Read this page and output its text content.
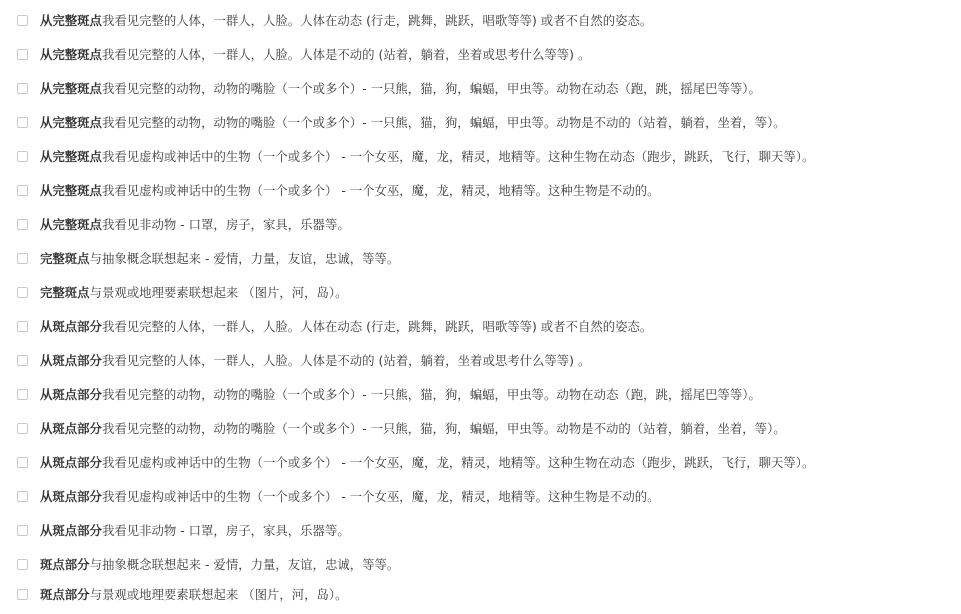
从完整斑点我看见完整的人体，一群人，人脸。人体在动态 (行走，跳舞，跳跃，唱歌等等) 或者不自然的姿态。
从完整斑点我看见完整的人体，一群人，人脸。人体是不动的 (站着，躺着，坐着或思考什么等等) 。
从完整斑点我看见完整的动物，动物的嘴脸（一个或多个）- 一只熊，猫，狗，蝙蝠，甲虫等。动物在动态（跑，跳，摇尾巴等等）。
从完整斑点我看见完整的动物，动物的嘴脸（一个或多个）- 一只熊，猫，狗，蝙蝠，甲虫等。动物是不动的（站着，躺着，坐着，等）。
从完整斑点我看见虚构或神话中的生物（一个或多个） - 一个女巫，魔，龙，精灵，地精等。这种生物在动态（跑步，跳跃，飞行，聊天等）。
从完整斑点我看见虚构或神话中的生物（一个或多个） - 一个女巫，魔，龙，精灵，地精等。这种生物是不动的。
从完整斑点我看见非动物 - 口罩，房子，家具，乐器等。
完整斑点与抽象概念联想起来 - 爱情，力量，友谊，忠诚，等等。
完整斑点与景观或地理要素联想起来 （图片，河，岛）。
从斑点部分我看见完整的人体，一群人，人脸。人体在动态 (行走，跳舞，跳跃，唱歌等等) 或者不自然的姿态。
从斑点部分我看见完整的人体，一群人，人脸。人体是不动的 (站着，躺着，坐着或思考什么等等) 。
从斑点部分我看见完整的动物，动物的嘴脸（一个或多个）- 一只熊，猫，狗，蝙蝠，甲虫等。动物在动态（跑，跳，摇尾巴等等）。
从斑点部分我看见完整的动物，动物的嘴脸（一个或多个）- 一只熊，猫，狗，蝙蝠，甲虫等。动物是不动的（站着，躺着，坐着，等）。
从斑点部分我看见虚构或神话中的生物（一个或多个） - 一个女巫，魔，龙，精灵，地精等。这种生物在动态（跑步，跳跃，飞行，聊天等）。
从斑点部分我看见虚构或神话中的生物（一个或多个） - 一个女巫，魔，龙，精灵，地精等。这种生物是不动的。
从斑点部分我看见非动物 - 口罩，房子，家具，乐器等。
斑点部分与抽象概念联想起来 - 爱情，力量，友谊，忠诚，等等。
斑点部分与景观或地理要素联想起来 （图片，河，岛）。
